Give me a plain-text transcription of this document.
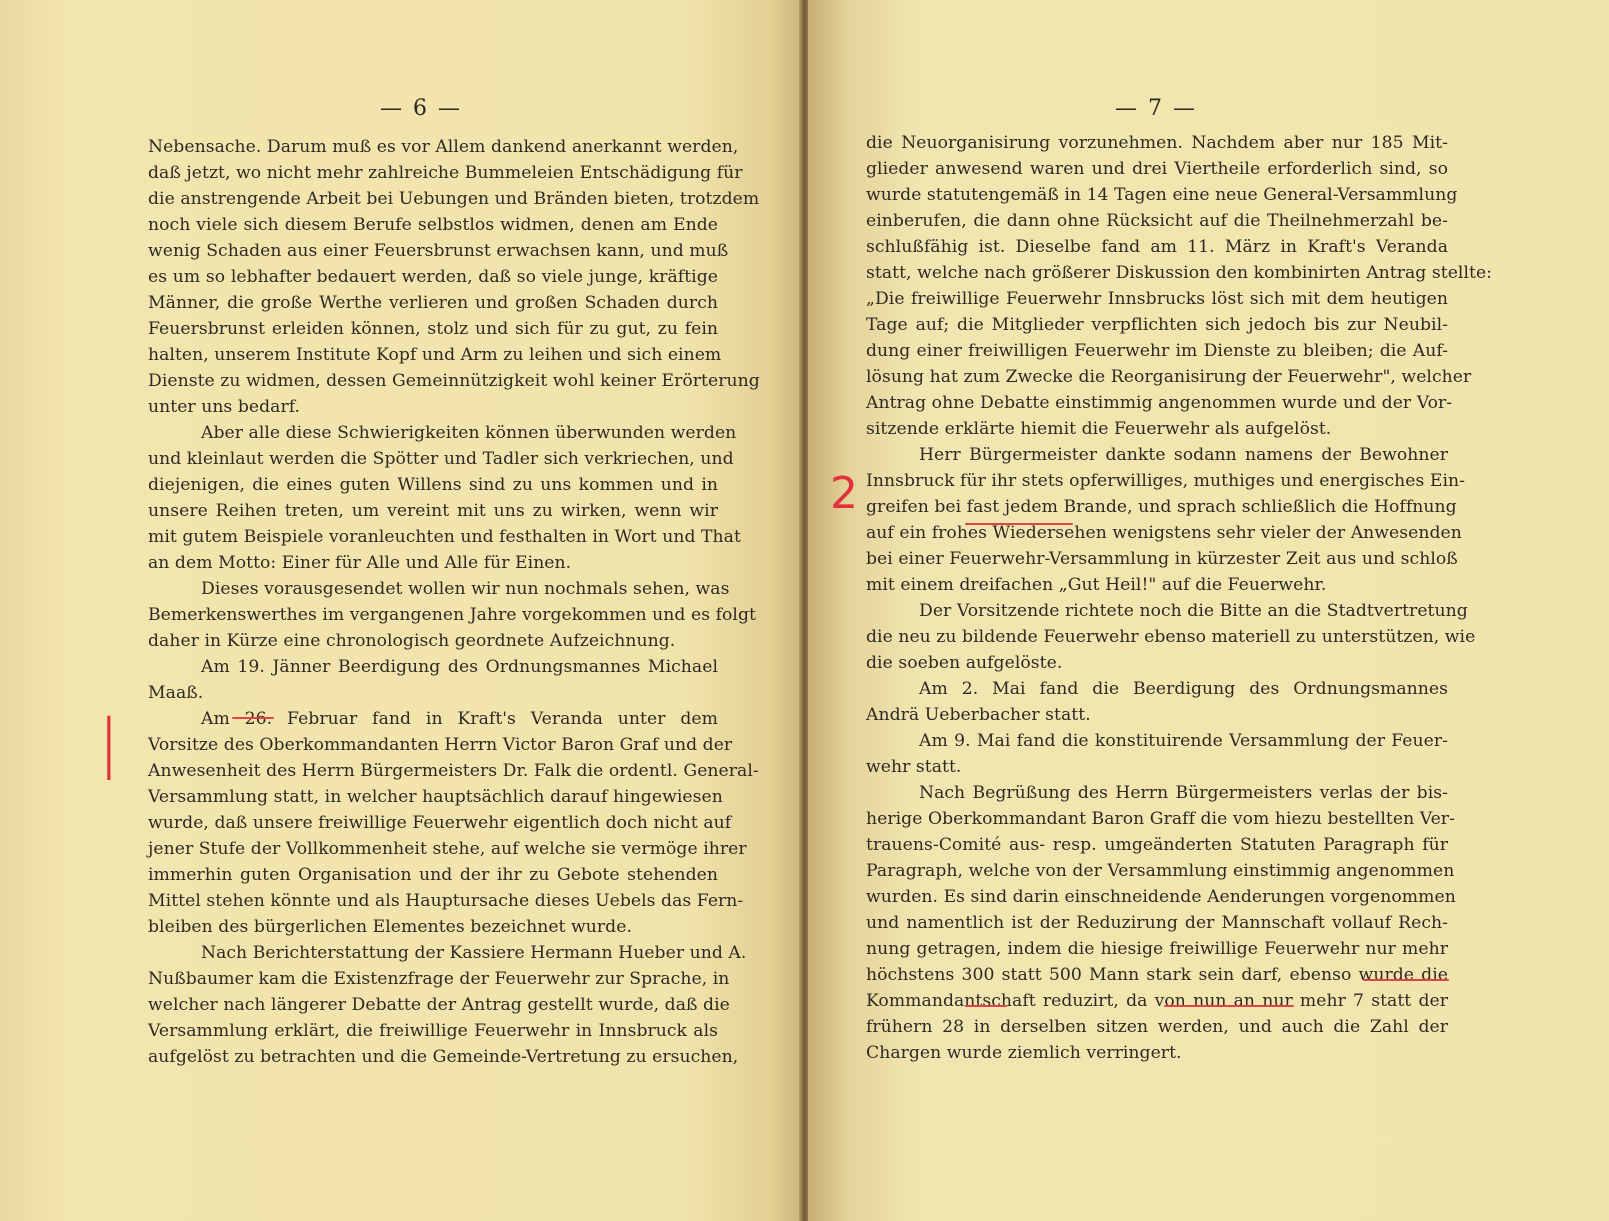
— 6 —
Nebensache. Darum muß es vor Allem dankend anerkannt werden,
daß jetzt, wo nicht mehr zahlreiche Bummeleien Entschädigung für
die anstrengende Arbeit bei Uebungen und Bränden bieten, trotzdem
noch viele sich diesem Berufe selbstlos widmen, denen am Ende
wenig Schaden aus einer Feuersbrunst erwachsen kann, und muß
es um so lebhafter bedauert werden, daß so viele junge, kräftige
Männer, die große Werthe verlieren und großen Schaden durch
Feuersbrunst erleiden können, stolz und sich für zu gut, zu fein
halten, unserem Institute Kopf und Arm zu leihen und sich einem
Dienste zu widmen, dessen Gemeinnützigkeit wohl keiner Erörterung
unter uns bedarf.
Aber alle diese Schwierigkeiten können überwunden werden
und kleinlaut werden die Spötter und Tadler sich verkriechen, und
diejenigen, die eines guten Willens sind zu uns kommen und in
unsere Reihen treten, um vereint mit uns zu wirken, wenn wir
mit gutem Beispiele voranleuchten und festhalten in Wort und That
an dem Motto: Einer für Alle und Alle für Einen.
Dieses vorausgesendet wollen wir nun nochmals sehen, was
Bemerkenswerthes im vergangenen Jahre vorgekommen und es folgt
daher in Kürze eine chronologisch geordnete Aufzeichnung.
Am 19. Jänner Beerdigung des Ordnungsmannes Michael
Maaß.
Am 26. Februar fand in Kraft's Veranda unter dem
Vorsitze des Oberkommandanten Herrn Victor Baron Graf und der
Anwesenheit des Herrn Bürgermeisters Dr. Falk die ordentl. General-
Versammlung statt, in welcher hauptsächlich darauf hingewiesen
wurde, daß unsere freiwillige Feuerwehr eigentlich doch nicht auf
jener Stufe der Vollkommenheit stehe, auf welche sie vermöge ihrer
immerhin guten Organisation und der ihr zu Gebote stehenden
Mittel stehen könnte und als Hauptursache dieses Uebels das Fern-
bleiben des bürgerlichen Elementes bezeichnet wurde.
Nach Berichterstattung der Kassiere Hermann Hueber und A.
Nußbaumer kam die Existenzfrage der Feuerwehr zur Sprache, in
welcher nach längerer Debatte der Antrag gestellt wurde, daß die
Versammlung erklärt, die freiwillige Feuerwehr in Innsbruck als
aufgelöst zu betrachten und die Gemeinde-Vertretung zu ersuchen,
|
— 7 —
die Neuorganisirung vorzunehmen. Nachdem aber nur 185 Mit-
glieder anwesend waren und drei Viertheile erforderlich sind, so
wurde statutengemäß in 14 Tagen eine neue General-Versammlung
einberufen, die dann ohne Rücksicht auf die Theilnehmerzahl be-
schlußfähig ist. Dieselbe fand am 11. März in Kraft's Veranda
statt, welche nach größerer Diskussion den kombinirten Antrag stellte:
„Die freiwillige Feuerwehr Innsbrucks löst sich mit dem heutigen
Tage auf; die Mitglieder verpflichten sich jedoch bis zur Neubil-
dung einer freiwilligen Feuerwehr im Dienste zu bleiben; die Auf-
lösung hat zum Zwecke die Reorganisirung der Feuerwehr", welcher
Antrag ohne Debatte einstimmig angenommen wurde und der Vor-
sitzende erklärte hiemit die Feuerwehr als aufgelöst.
Herr Bürgermeister dankte sodann namens der Bewohner
Innsbruck für ihr stets opferwilliges, muthiges und energisches Ein-
greifen bei fast jedem Brande, und sprach schließlich die Hoffnung
auf ein frohes Wiedersehen wenigstens sehr vieler der Anwesenden
bei einer Feuerwehr-Versammlung in kürzester Zeit aus und schloß
mit einem dreifachen „Gut Heil!" auf die Feuerwehr.
Der Vorsitzende richtete noch die Bitte an die Stadtvertretung
die neu zu bildende Feuerwehr ebenso materiell zu unterstützen, wie
die soeben aufgelöste.
Am 2. Mai fand die Beerdigung des Ordnungsmannes
Andrä Ueberbacher statt.
Am 9. Mai fand die konstituirende Versammlung der Feuer-
wehr statt.
Nach Begrüßung des Herrn Bürgermeisters verlas der bis-
herige Oberkommandant Baron Graff die vom hiezu bestellten Ver-
trauens-Comité aus- resp. umgeänderten Statuten Paragraph für
Paragraph, welche von der Versammlung einstimmig angenommen
wurden. Es sind darin einschneidende Aenderungen vorgenommen
und namentlich ist der Reduzirung der Mannschaft vollauf Rech-
nung getragen, indem die hiesige freiwillige Feuerwehr nur mehr
höchstens 300 statt 500 Mann stark sein darf, ebenso wurde die
Kommandantschaft reduzirt, da von nun an nur mehr 7 statt der
frühern 28 in derselben sitzen werden, und auch die Zahl der
Chargen wurde ziemlich verringert.
2
